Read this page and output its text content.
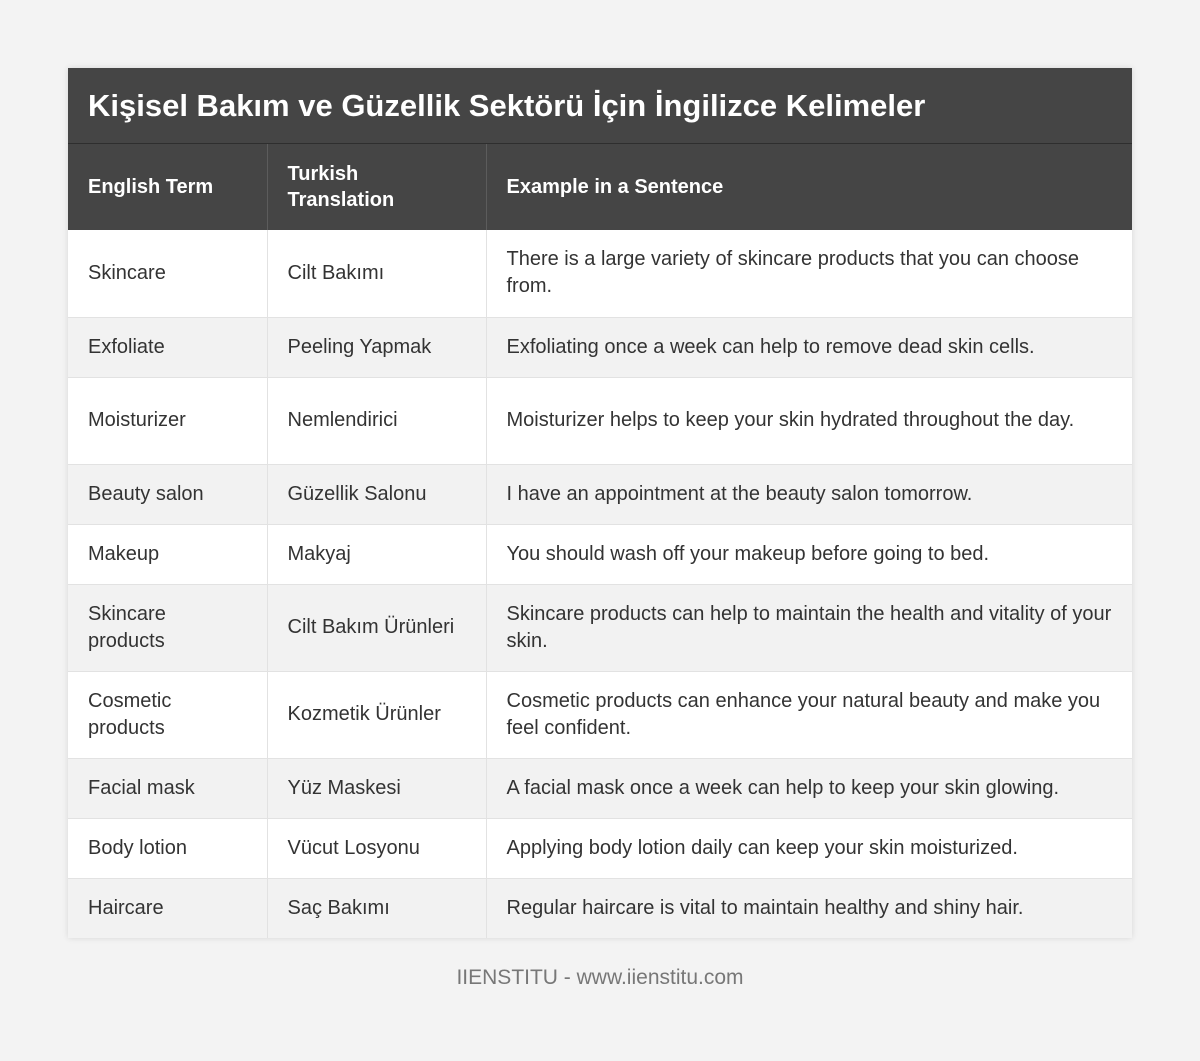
Kişisel Bakım ve Güzellik Sektörü İçin İngilizce Kelimeler
English Term	Turkish Translation	Example in a Sentence
Skincare	Cilt Bakımı	There is a large variety of skincare products that you can choose from.
Exfoliate	Peeling Yapmak	Exfoliating once a week can help to remove dead skin cells.
Moisturizer	Nemlendirici	Moisturizer helps to keep your skin hydrated throughout the day.
Beauty salon	Güzellik Salonu	I have an appointment at the beauty salon tomorrow.
Makeup	Makyaj	You should wash off your makeup before going to bed.
Skincare products	Cilt Bakım Ürünleri	Skincare products can help to maintain the health and vitality of your skin.
Cosmetic products	Kozmetik Ürünler	Cosmetic products can enhance your natural beauty and make you feel confident.
Facial mask	Yüz Maskesi	A facial mask once a week can help to keep your skin glowing.
Body lotion	Vücut Losyonu	Applying body lotion daily can keep your skin moisturized.
Haircare	Saç Bakımı	Regular haircare is vital to maintain healthy and shiny hair.
IIENSTITU - www.iienstitu.com
